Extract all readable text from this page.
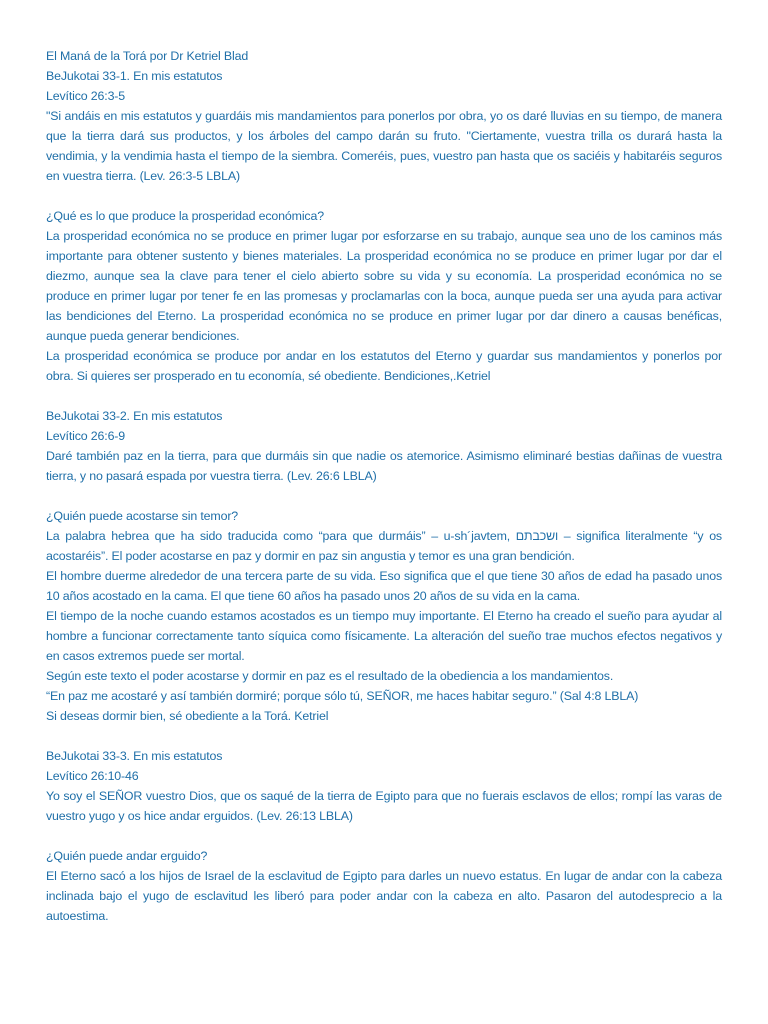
El Maná de la Torá por Dr Ketriel Blad
BeJukotai 33-1. En mis estatutos
Levítico 26:3-5
"Si andáis en mis estatutos y guardáis mis mandamientos para ponerlos por obra, yo os daré lluvias en su tiempo, de manera que la tierra dará sus productos, y los árboles del campo darán su fruto. "Ciertamente, vuestra trilla os durará hasta la vendimia, y la vendimia hasta el tiempo de la siembra. Comeréis, pues, vuestro pan hasta que os saciéis y habitaréis seguros en vuestra tierra. (Lev. 26:3-5 LBLA)
¿Qué es lo que produce la prosperidad económica?
La prosperidad económica no se produce en primer lugar por esforzarse en su trabajo, aunque sea uno de los caminos más importante para obtener sustento y bienes materiales. La prosperidad económica no se produce en primer lugar por dar el diezmo, aunque sea la clave para tener el cielo abierto sobre su vida y su economía. La prosperidad económica no se produce en primer lugar por tener fe en las promesas y proclamarlas con la boca, aunque pueda ser una ayuda para activar las bendiciones del Eterno. La prosperidad económica no se produce en primer lugar por dar dinero a causas benéficas, aunque pueda generar bendiciones.
La prosperidad económica se produce por andar en los estatutos del Eterno y guardar sus mandamientos y ponerlos por obra. Si quieres ser prosperado en tu economía, sé obediente. Bendiciones,.Ketriel
BeJukotai 33-2. En mis estatutos
Levítico 26:6-9
Daré también paz en la tierra, para que durmáis sin que nadie os atemorice. Asimismo eliminaré bestias dañinas de vuestra tierra, y no pasará espada por vuestra tierra. (Lev. 26:6 LBLA)
¿Quién puede acostarse sin temor?
La palabra hebrea que ha sido traducida como “para que durmáis” – u-sh´javtem, ושכבתם – significa literalmente “y os acostaréis”. El poder acostarse en paz y dormir en paz sin angustia y temor es una gran bendición.
El hombre duerme alrededor de una tercera parte de su vida. Eso significa que el que tiene 30 años de edad ha pasado unos 10 años acostado en la cama. El que tiene 60 años ha pasado unos 20 años de su vida en la cama.
El tiempo de la noche cuando estamos acostados es un tiempo muy importante. El Eterno ha creado el sueño para ayudar al hombre a funcionar correctamente tanto síquica como físicamente. La alteración del sueño trae muchos efectos negativos y en casos extremos puede ser mortal.
Según este texto el poder acostarse y dormir en paz es el resultado de la obediencia a los mandamientos.
“En paz me acostaré y así también dormiré; porque sólo tú, SEÑOR, me haces habitar seguro.” (Sal 4:8 LBLA)
Si deseas dormir bien, sé obediente a la Torá. Ketriel
BeJukotai 33-3. En mis estatutos
Levítico 26:10-46
Yo soy el SEÑOR vuestro Dios, que os saqué de la tierra de Egipto para que no fuerais esclavos de ellos; rompí las varas de vuestro yugo y os hice andar erguidos. (Lev. 26:13 LBLA)
¿Quién puede andar erguido?
El Eterno sacó a los hijos de Israel de la esclavitud de Egipto para darles un nuevo estatus. En lugar de andar con la cabeza inclinada bajo el yugo de esclavitud les liberó para poder andar con la cabeza en alto. Pasaron del autodesprecio a la autoestima.
